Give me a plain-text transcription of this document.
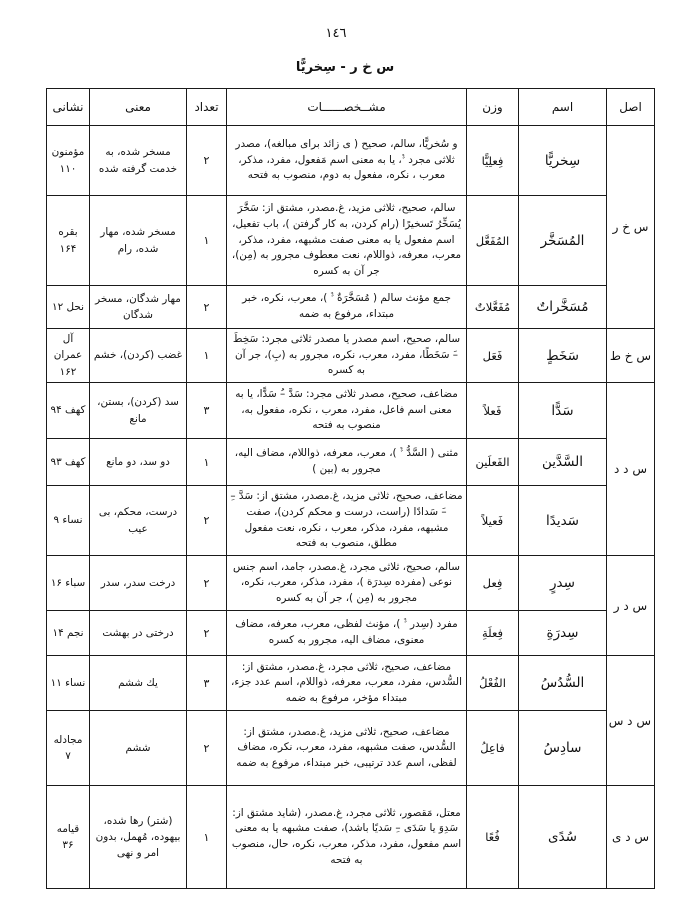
١٤٦
س خ ر - سِخريًّا
اصل	اسم	وزن	مشــخصــــــات	تعداد	معنى	نشانى
س خ ر	سِخريًّا	فِعلِيًّا	و سُخريًّا، سالم، صحيح ( ى زائد براى مبالغه)، مصدر ثلاثى مجرد ﱞ، يا به معنى اسم مَفعول، مفرد، مذكر، معرب ، نكره، مفعول به دوم، منصوب به فتحه	۲	مسخر شده، به خدمت گرفته شده	مؤمنون ۱۱۰
	المُسَخَّر	المُفَعَّل	سالم، صحيح، ثلاثى مزيد، غ.مصدر، مشتق از: سَخَّرَ يُسَخِّرُ تَسخيرًا (رام كردن، به كار گرفتن )، باب تفعيل، اسم مفعول يا به معنى صفت مشبهه، مفرد، مذكر، معرب، معرفه، ذواللام، نعت معطوف مجرور به (مِن)، جر آن به كسره	۱	مسخر شده، مهار شده، رام	بقره ۱۶۴
	مُسَخَّراتٌ	مُفَعَّلاتٌ	جمع مؤنث سالم ( مُسَخَّرَةٌ ﱞ )، معرب، نكره، خبر مبتداء، مرفوع به ضمه	۲	مهار شدگان، مسخر شدگان	نحل ۱۲
س خ ط	سَخَطٍ	فَعَل	سالم، صحيح، اسم مصدر يا مصدر ثلاثى مجرد: سَخِطَ –َ سَخَطًا، مفرد، معرب، نكره، مجرور به (بِ)، جر آن به كسره	۱	غضب (كردن)، خشم	آل عمران ۱۶۲
س د د	سَدًّا	فَعلاً	مضاعف، صحيح، مصدر ثلاثى مجرد: سَدَّ –ُ سَدًّا، يا به معنى اسم فاعل، مفرد، معرب ، نكره، مفعول به، منصوب به فتحه	۳	سد (كردن)، بستن، مانع	كهف ۹۴
	السَّدَّين	الفَعلَين	مثنى ( السَّدُّ ﱞ )، معرب، معرفه، ذواللام، مضاف اليه، مجرور به (بين )	۱	دو سد، دو مانع	كهف ۹۳
	سَديدًا	فَعيلاً	مضاعف، صحيح، ثلاثى مزيد، غ.مصدر، مشتق از: سَدَّ –ِ –َ سَدادًا (راست، درست و محكم كردن)، صفت مشبهه، مفرد، مذكر، معرب ، نكره، نعت مفعول مطلق، منصوب به فتحه	۲	درست، محكم، بى عيب	نساء ۹
س د ر	سِدرٍ	فِعل	سالم، صحيح، ثلاثى مجرد، غ.مصدر، جامد، اسم جنس نوعى (مفرده سِدرَة )، مفرد، مذكر، معرب، نكره، مجرور به (مِن )، جر آن به كسره	۲	درخت سدر، سدر	سباء ۱۶
	سِدرَةِ	فِعلَةِ	مفرد (سِدر ﱞ )، مؤنث لفظى، معرب، معرفه، مضاف معنوى، مضاف اليه، مجرور به كسره	۲	درختى در بهشت	نجم ۱۴
س د س	السُّدُسُ	الفُعْلُ	مضاعف، صحيح، ثلاثى مجرد، غ.مصدر، مشتق از: السُّدس، مفرد، معرب، معرفه، ذواللام، اسم عدد جزء، مبتداء مؤخر، مرفوع به ضمه	۳	يك ششم	نساء ۱۱
	سادِسُ	فاعِلُ	مضاعف، صحيح، ثلاثى مزيد، غ.مصدر، مشتق از: السُّدس، صفت مشبهه، مفرد، معرب، نكره، مضاف لفظى، اسم عدد ترتيبى، خبر مبتداء، مرفوع به ضمه	۲	ششم	مجادله ۷
س د ى	سُدًى	فُعًا	معتل، مَقصور، ثلاثى مجرد، غ.مصدر، (شايد مشتق از: سَدِوَ يا سَدَى –ِ سَديًا باشد)، صفت مشبهه يا به معنى اسم مفعول، مفرد، مذكر، معرب، نكره، حال، منصوب به فتحه	۱	(شتر) رها شده، بيهوده، مُهمل، بدون امر و نهى	قيامه ۳۶
